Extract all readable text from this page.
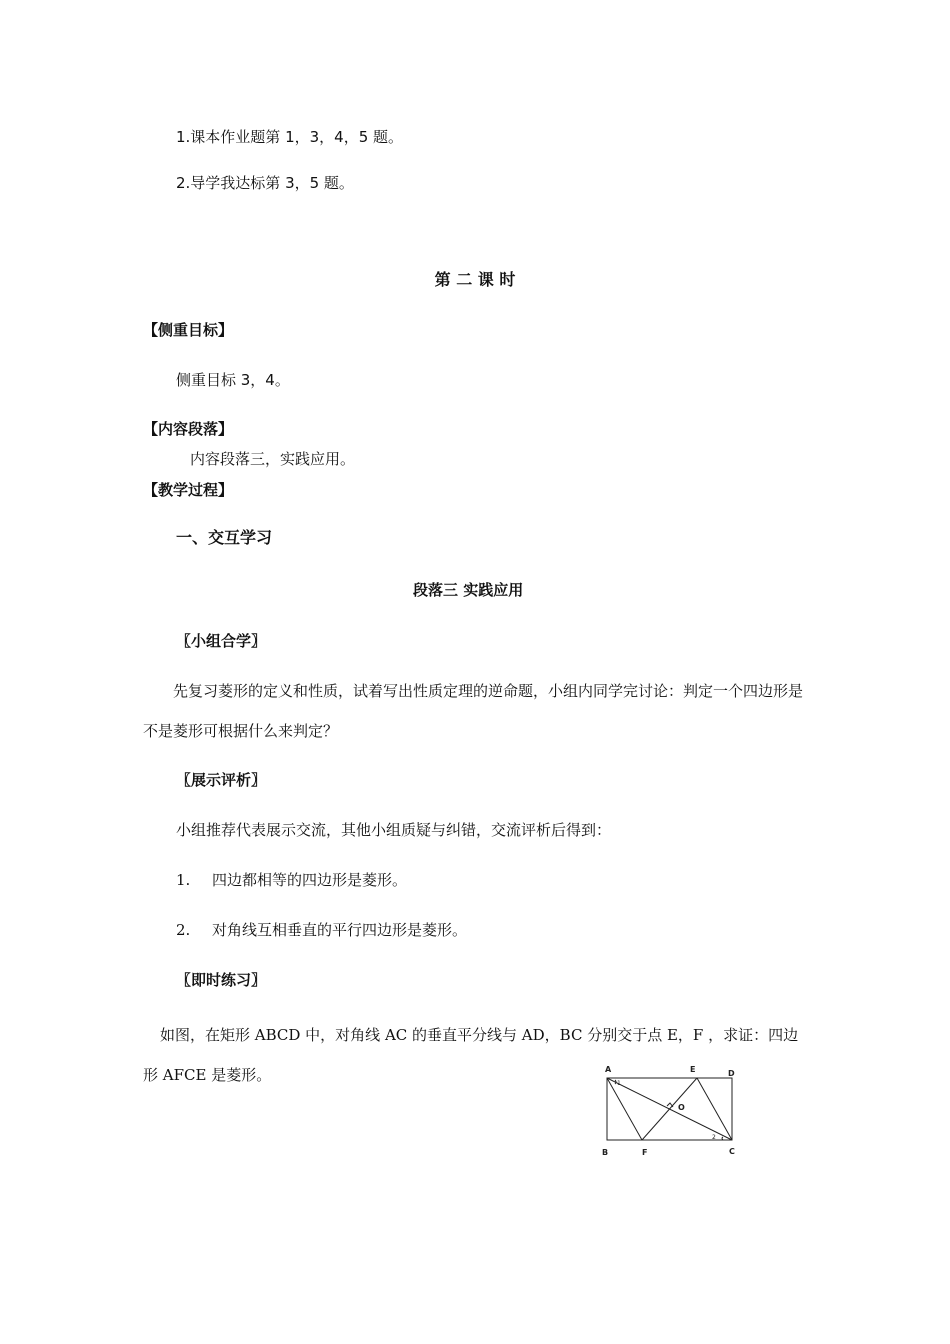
1.课本作业题第 1，3，4，5 题。
2.导学我达标第 3，5 题。
第 二 课 时
【侧重目标】
侧重目标 3，4。
【内容段落】
内容段落三，实践应用。
【教学过程】
一、交互学习
段落三 实践应用
〖小组合学〗
先复习菱形的定义和性质，试着写出性质定理的逆命题，小组内同学完讨论：判定一个四边形是不是菱形可根据什么来判定？
〖展示评析〗
小组推荐代表展示交流，其他小组质疑与纠错，交流评析后得到：
1. 四边都相等的四边形是菱形。
2. 对角线互相垂直的平行四边形是菱形。
〖即时练习〗
如图，在矩形 ABCD 中，对角线 AC 的垂直平分线与 AD，BC 分别交于点 E，F ，求证：四边形 AFCE 是菱形。	A	E	D
O
B	F	C
1
2
